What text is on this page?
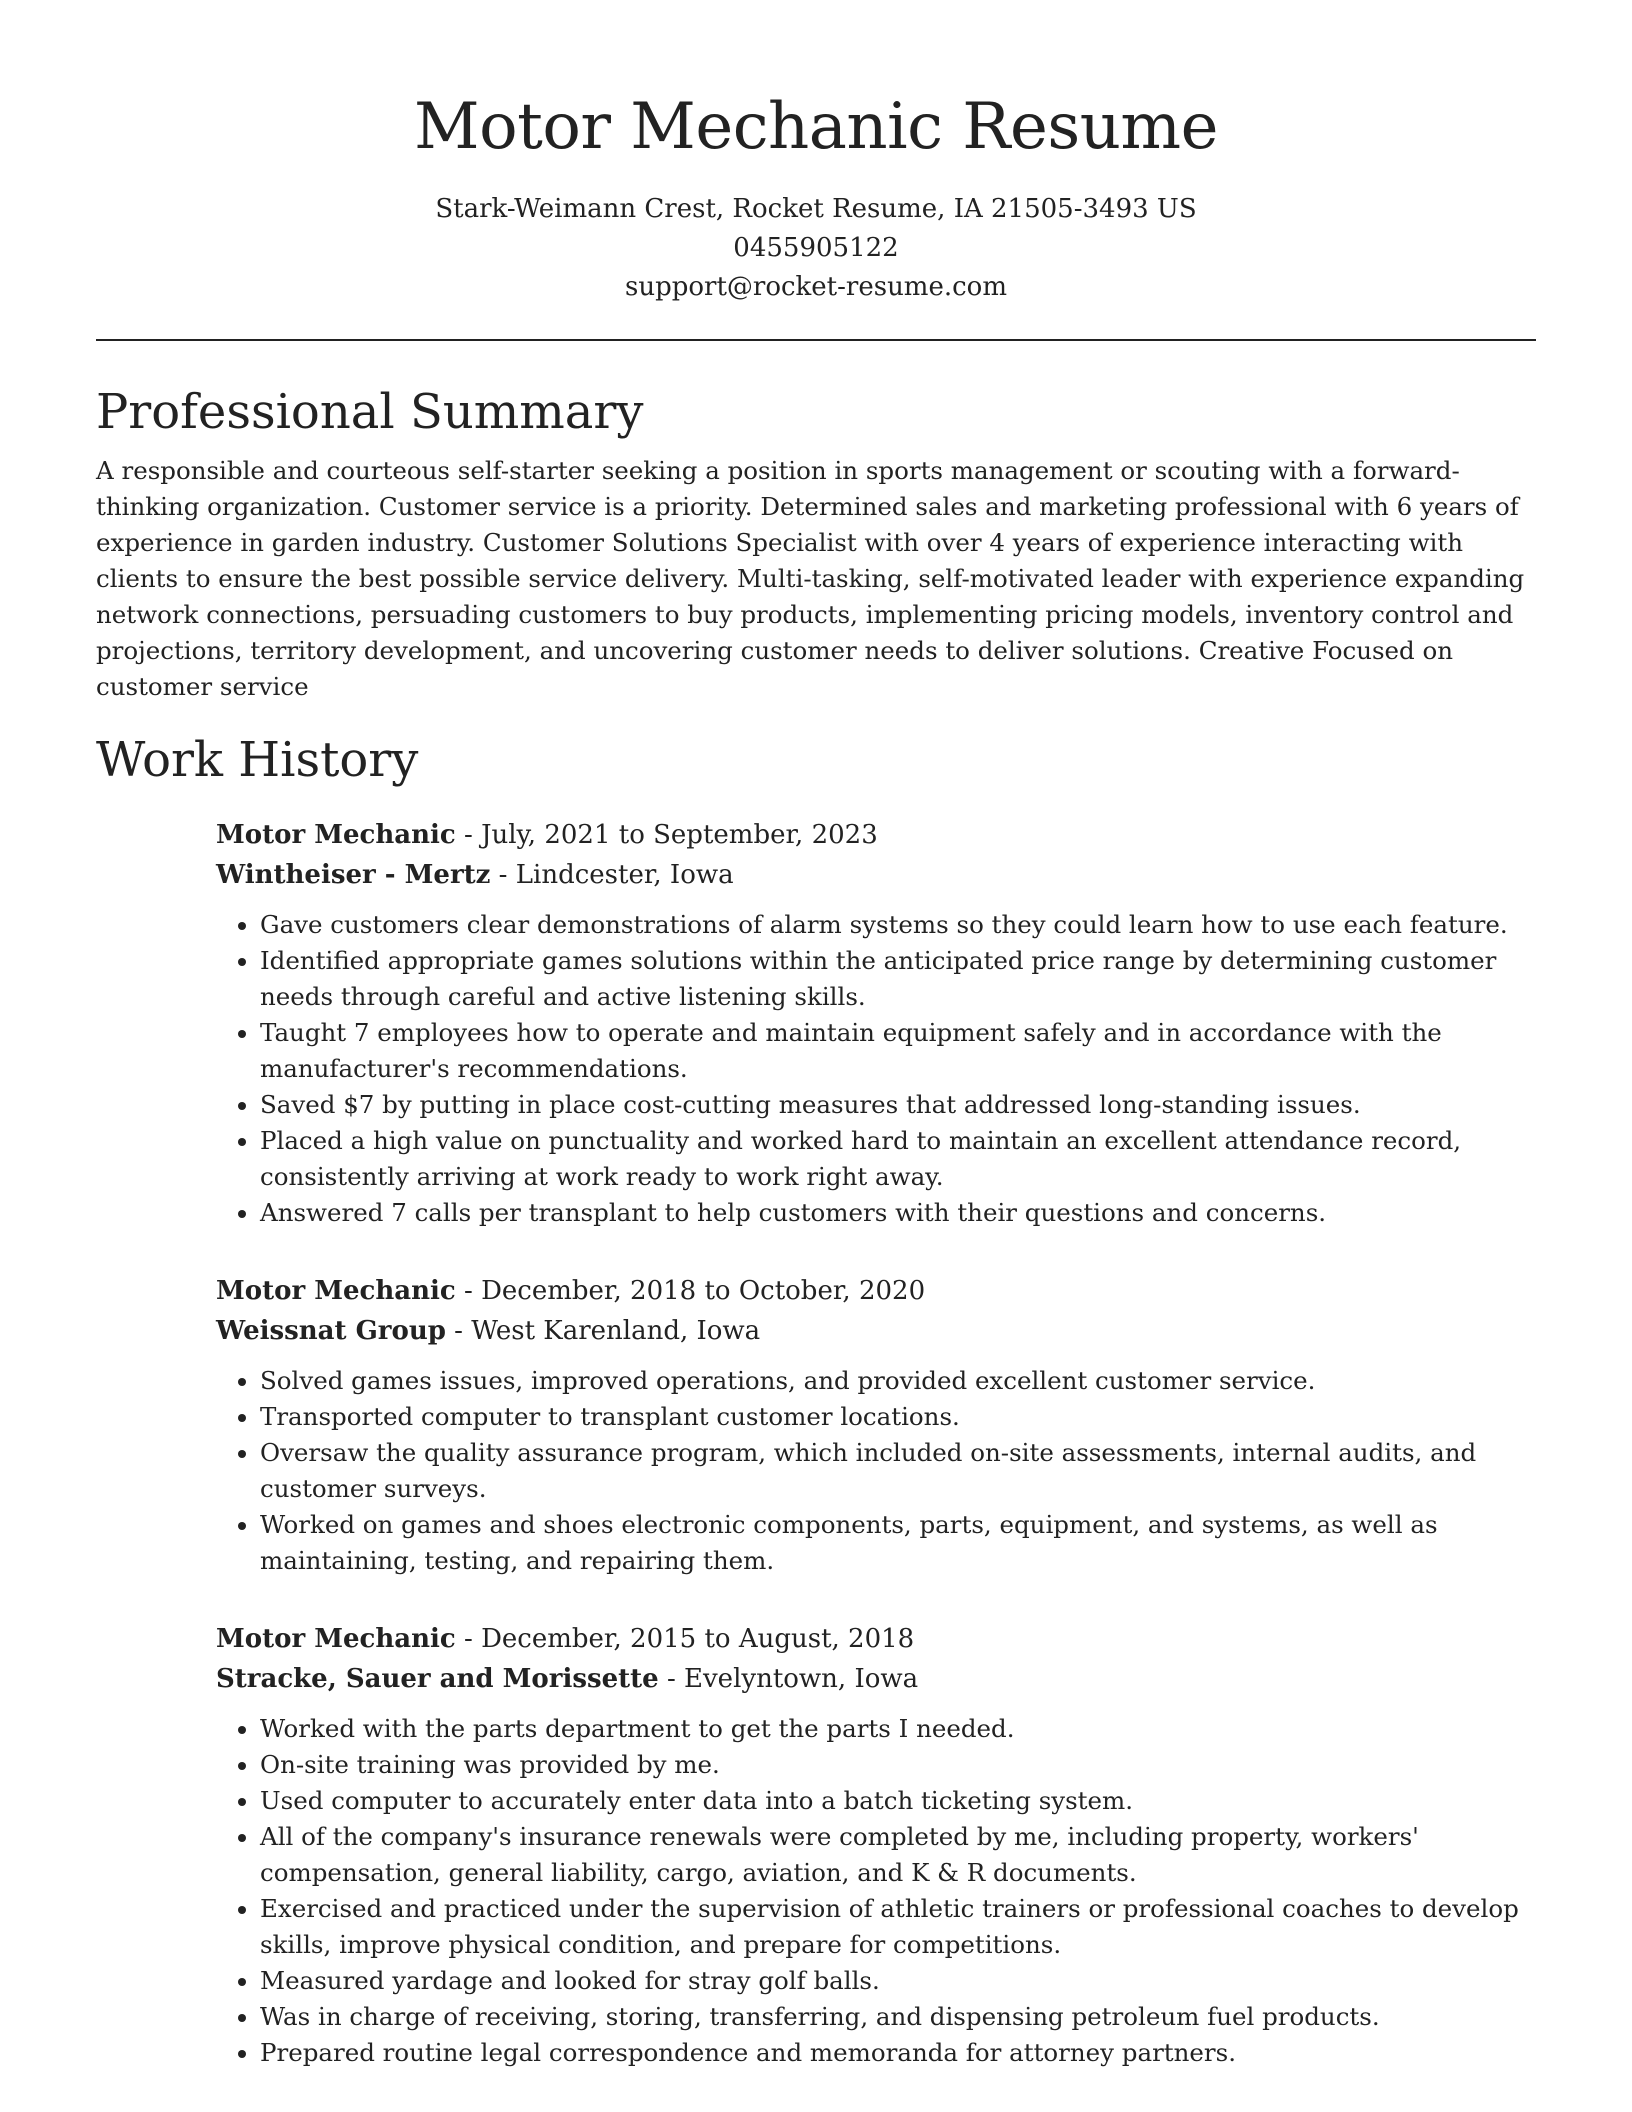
Motor Mechanic Resume

Stark-Weimann Crest, Rocket Resume, IA 21505-3493 US

0455905122

support@rocket-resume.com

Professional Summary

A responsible and courteous self-starter seeking a position in sports management or scouting with a forward-thinking organization. Customer service is a priority. Determined sales and marketing professional with 6 years of experience in garden industry. Customer Solutions Specialist with over 4 years of experience interacting with clients to ensure the best possible service delivery. Multi-tasking, self-motivated leader with experience expanding network connections, persuading customers to buy products, implementing pricing models, inventory control and projections, territory development, and uncovering customer needs to deliver solutions. Creative Focused on customer service

Work History

Motor Mechanic - July, 2021 to September, 2023

Wintheiser - Mertz - Lindcester, Iowa

• Gave customers clear demonstrations of alarm systems so they could learn how to use each feature.
• Identified appropriate games solutions within the anticipated price range by determining customer needs through careful and active listening skills.
• Taught 7 employees how to operate and maintain equipment safely and in accordance with the manufacturer's recommendations.
• Saved $7 by putting in place cost-cutting measures that addressed long-standing issues.
• Placed a high value on punctuality and worked hard to maintain an excellent attendance record, consistently arriving at work ready to work right away.
• Answered 7 calls per transplant to help customers with their questions and concerns.

Motor Mechanic - December, 2018 to October, 2020

Weissnat Group - West Karenland, Iowa

• Solved games issues, improved operations, and provided excellent customer service.
• Transported computer to transplant customer locations.
• Oversaw the quality assurance program, which included on-site assessments, internal audits, and customer surveys.
• Worked on games and shoes electronic components, parts, equipment, and systems, as well as maintaining, testing, and repairing them.

Motor Mechanic - December, 2015 to August, 2018

Stracke, Sauer and Morissette - Evelyntown, Iowa

• Worked with the parts department to get the parts I needed.
• On-site training was provided by me.
• Used computer to accurately enter data into a batch ticketing system.
• All of the company's insurance renewals were completed by me, including property, workers' compensation, general liability, cargo, aviation, and K & R documents.
• Exercised and practiced under the supervision of athletic trainers or professional coaches to develop skills, improve physical condition, and prepare for competitions.
• Measured yardage and looked for stray golf balls.
• Was in charge of receiving, storing, transferring, and dispensing petroleum fuel products.
• Prepared routine legal correspondence and memoranda for attorney partners.
